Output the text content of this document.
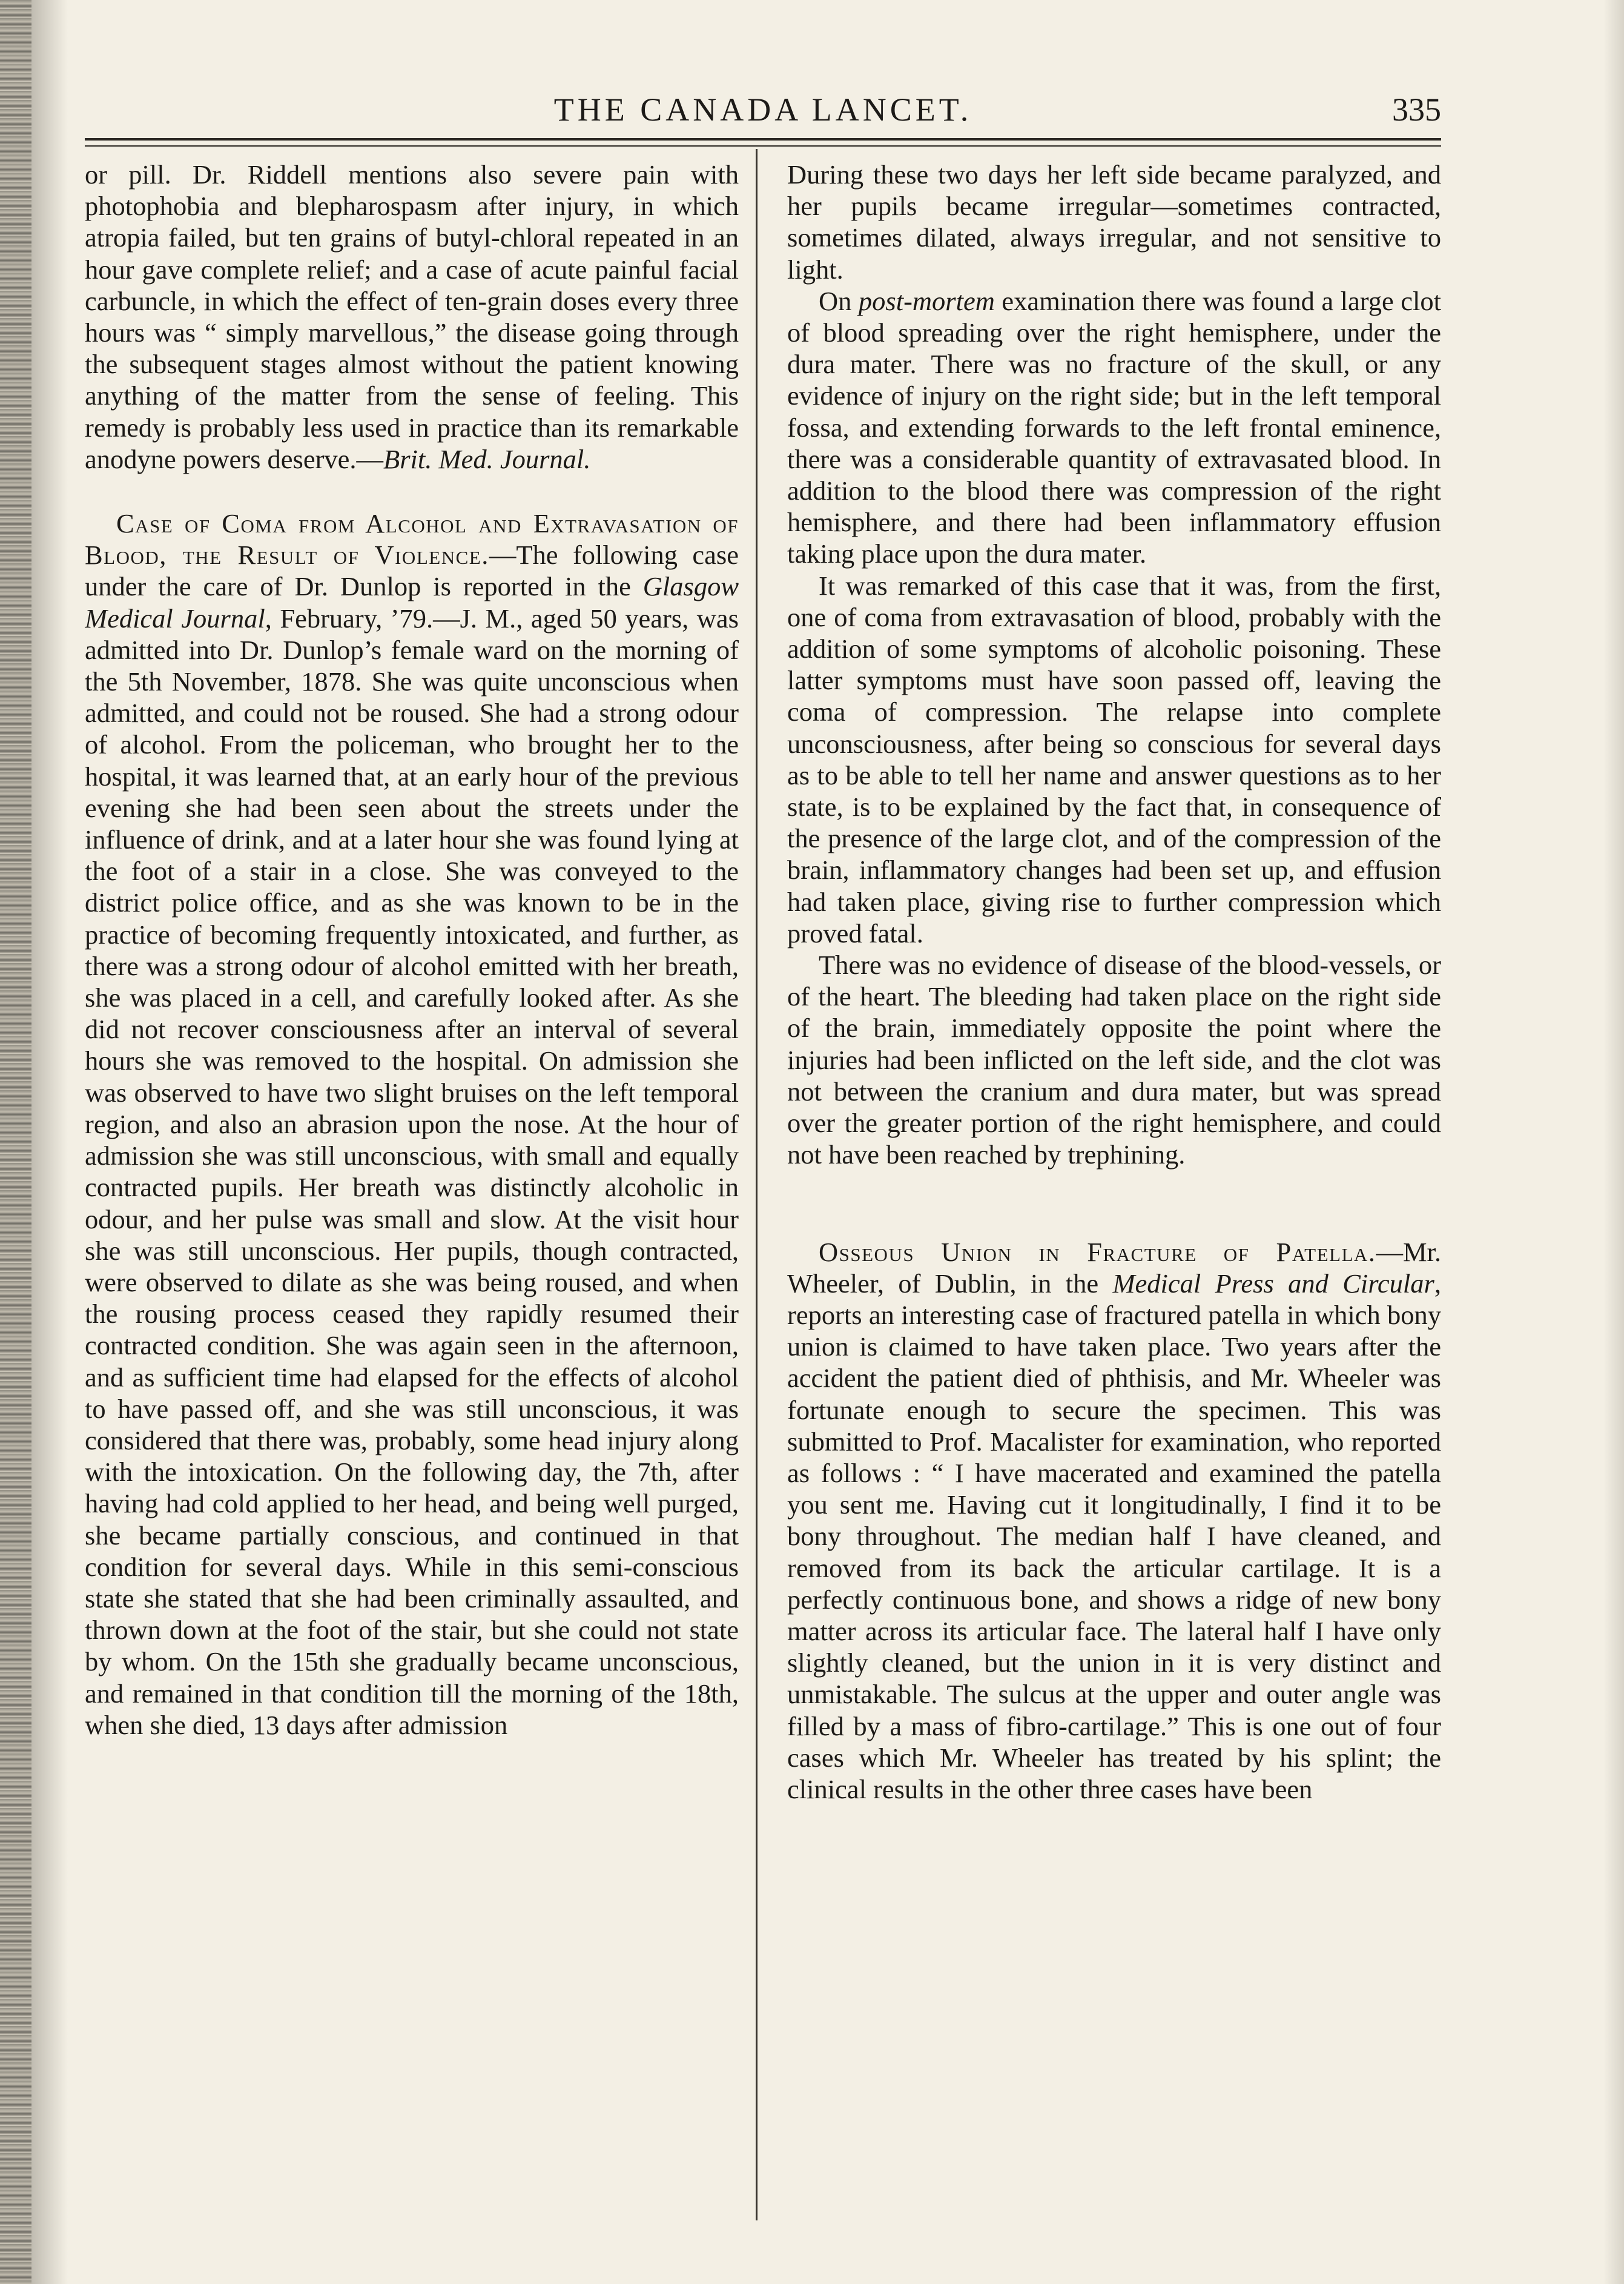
THE CANADA LANCET.	335

or pill. Dr. Riddell mentions also severe pain with photophobia and blepharospasm after injury, in which atropia failed, but ten grains of butyl-chloral repeated in an hour gave complete relief; and a case of acute painful facial carbuncle, in which the effect of ten-grain doses every three hours was “ simply marvellous,” the disease going through the subsequent stages almost without the patient knowing anything of the matter from the sense of feeling. This remedy is probably less used in practice than its remarkable anodyne powers deserve.—Brit. Med. Journal.

Case of Coma from Alcohol and Extravasation of Blood, the Result of Violence.—The following case under the care of Dr. Dunlop is reported in the Glasgow Medical Journal, February, ’79.—J. M., aged 50 years, was admitted into Dr. Dunlop’s female ward on the morning of the 5th November, 1878. She was quite unconscious when admitted, and could not be roused. She had a strong odour of alcohol. From the policeman, who brought her to the hospital, it was learned that, at an early hour of the previous evening she had been seen about the streets under the influence of drink, and at a later hour she was found lying at the foot of a stair in a close. She was conveyed to the district police office, and as she was known to be in the practice of becoming frequently intoxicated, and further, as there was a strong odour of alcohol emitted with her breath, she was placed in a cell, and carefully looked after. As she did not recover consciousness after an interval of several hours she was removed to the hospital. On admission she was observed to have two slight bruises on the left temporal region, and also an abrasion upon the nose. At the hour of admission she was still unconscious, with small and equally contracted pupils. Her breath was distinctly alcoholic in odour, and her pulse was small and slow. At the visit hour she was still unconscious. Her pupils, though contracted, were observed to dilate as she was being roused, and when the rousing process ceased they rapidly resumed their contracted condition. She was again seen in the afternoon, and as sufficient time had elapsed for the effects of alcohol to have passed off, and she was still unconscious, it was considered that there was, probably, some head injury along with the intoxication. On the following day, the 7th, after having had cold applied to her head, and being well purged, she became partially conscious, and continued in that condition for several days. While in this semi-conscious state she stated that she had been criminally assaulted, and thrown down at the foot of the stair, but she could not state by whom. On the 15th she gradually became unconscious, and remained in that condition till the morning of the 18th, when she died, 13 days after admission

During these two days her left side became paralyzed, and her pupils became irregular—sometimes contracted, sometimes dilated, always irregular, and not sensitive to light.

On post-mortem examination there was found a large clot of blood spreading over the right hemisphere, under the dura mater. There was no fracture of the skull, or any evidence of injury on the right side; but in the left temporal fossa, and extending forwards to the left frontal eminence, there was a considerable quantity of extravasated blood. In addition to the blood there was compression of the right hemisphere, and there had been inflammatory effusion taking place upon the dura mater.

It was remarked of this case that it was, from the first, one of coma from extravasation of blood, probably with the addition of some symptoms of alcoholic poisoning. These latter symptoms must have soon passed off, leaving the coma of compression. The relapse into complete unconsciousness, after being so conscious for several days as to be able to tell her name and answer questions as to her state, is to be explained by the fact that, in consequence of the presence of the large clot, and of the compression of the brain, inflammatory changes had been set up, and effusion had taken place, giving rise to further compression which proved fatal.

There was no evidence of disease of the blood-vessels, or of the heart. The bleeding had taken place on the right side of the brain, immediately opposite the point where the injuries had been inflicted on the left side, and the clot was not between the cranium and dura mater, but was spread over the greater portion of the right hemisphere, and could not have been reached by trephining.

Osseous Union in Fracture of Patella.—Mr. Wheeler, of Dublin, in the Medical Press and Circular, reports an interesting case of fractured patella in which bony union is claimed to have taken place. Two years after the accident the patient died of phthisis, and Mr. Wheeler was fortunate enough to secure the specimen. This was submitted to Prof. Macalister for examination, who reported as follows : “ I have macerated and examined the patella you sent me. Having cut it longitudinally, I find it to be bony throughout. The median half I have cleaned, and removed from its back the articular cartilage. It is a perfectly continuous bone, and shows a ridge of new bony matter across its articular face. The lateral half I have only slightly cleaned, but the union in it is very distinct and unmistakable. The sulcus at the upper and outer angle was filled by a mass of fibro-cartilage.” This is one out of four cases which Mr. Wheeler has treated by his splint; the clinical results in the other three cases have been
